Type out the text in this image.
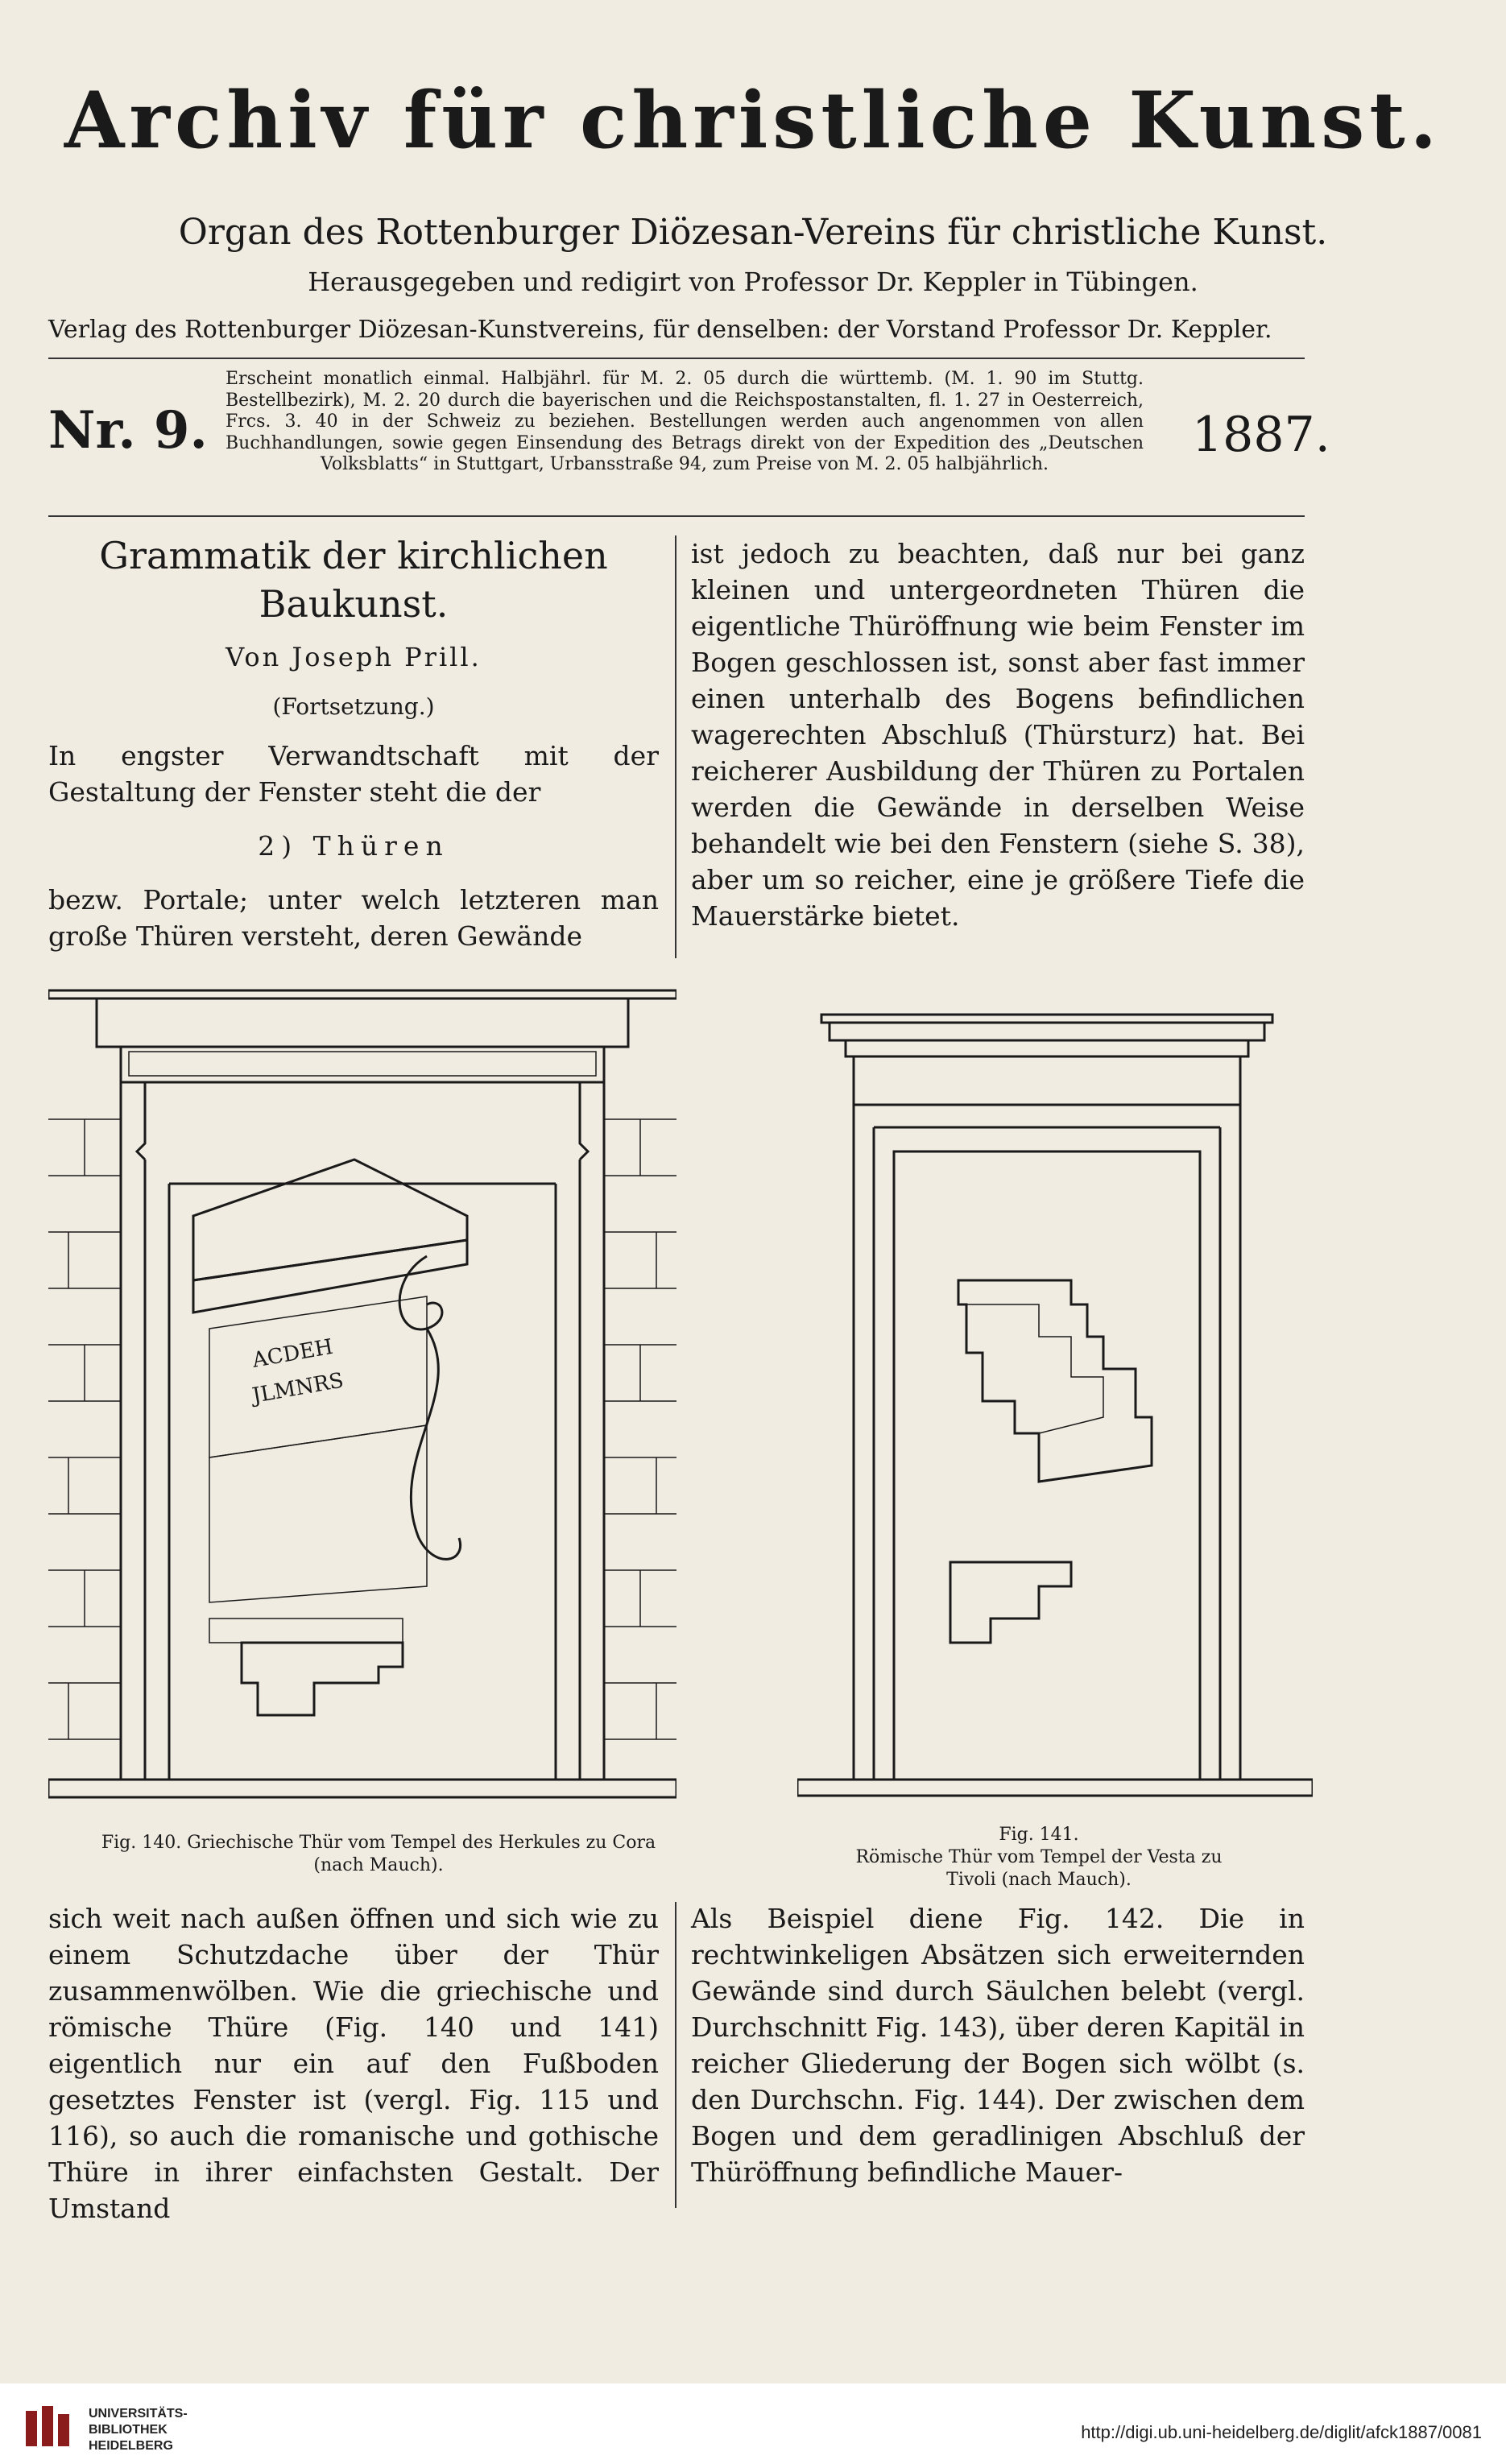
Archiv für christliche Kunst.
Organ des Rottenburger Diözesan-Vereins für christliche Kunst.
Herausgegeben und redigirt von Professor Dr. Keppler in Tübingen.
Verlag des Rottenburger Diözesan-Kunstvereins, für denselben: der Vorstand Professor Dr. Keppler.
Nr. 9.
Erscheint monatlich einmal. Halbjährl. für M. 2. 05 durch die württemb. (M. 1. 90 im Stuttg. Bestellbezirk), M. 2. 20 durch die bayerischen und die Reichspostanstalten, fl. 1. 27 in Oesterreich, Frcs. 3. 40 in der Schweiz zu beziehen. Bestellungen werden auch angenommen von allen Buchhandlungen, sowie gegen Einsendung des Betrags direkt von der Expedition des „Deutschen Volksblatts“ in Stuttgart, Urbansstraße 94, zum Preise von M. 2. 05 halbjährlich.
1887.

Grammatik der kirchlichen Baukunst.

Von Joseph Prill.
(Fortsetzung.)

In engster Verwandtschaft mit der Gestaltung der Fenster steht die der

2) Thüren

bezw. Portale; unter welch letzteren man große Thüren versteht, deren Gewände

ist jedoch zu beachten, daß nur bei ganz kleinen und untergeordneten Thüren die eigentliche Thüröffnung wie beim Fenster im Bogen geschlossen ist, sonst aber fast immer einen unterhalb des Bogens befindlichen wagerechten Abschluß (Thürsturz) hat. Bei reicherer Ausbildung der Thüren zu Portalen werden die Gewände in derselben Weise behandelt wie bei den Fenstern (siehe S. 38), aber um so reicher, eine je größere Tiefe die Mauerstärke bietet.

ACDEH
JLMNRS
Fig. 140. Griechische Thür vom Tempel des Herkules zu Cora (nach Mauch).
Fig. 141.
Römische Thür vom Tempel der Vesta zu Tivoli (nach Mauch).

sich weit nach außen öffnen und sich wie zu einem Schutzdache über der Thür zusammenwölben. Wie die griechische und römische Thüre (Fig. 140 und 141) eigentlich nur ein auf den Fußboden gesetztes Fenster ist (vergl. Fig. 115 und 116), so auch die romanische und gothische Thüre in ihrer einfachsten Gestalt. Der Umstand

Als Beispiel diene Fig. 142. Die in rechtwinkeligen Absätzen sich erweiternden Gewände sind durch Säulchen belebt (vergl. Durchschnitt Fig. 143), über deren Kapitäl in reicher Gliederung der Bogen sich wölbt (s. den Durchschn. Fig. 144). Der zwischen dem Bogen und dem geradlinigen Abschluß der Thüröffnung befindliche Mauer-

UNIVERSITÄTS-
BIBLIOTHEK
HEIDELBERG
http://digi.ub.uni-heidelberg.de/diglit/afck1887/0081
